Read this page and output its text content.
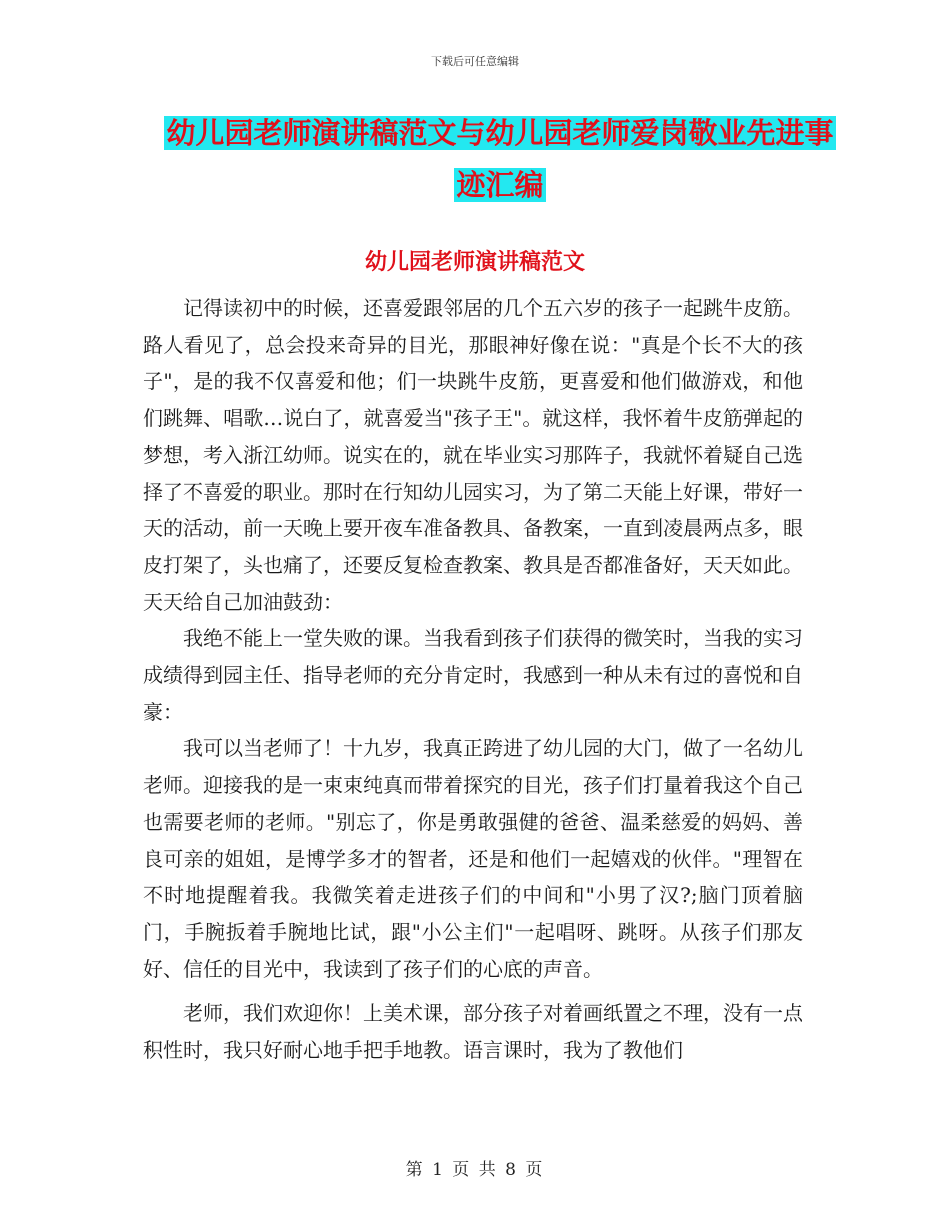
下载后可任意编辑
幼儿园老师演讲稿范文与幼儿园老师爱岗敬业先进事
迹汇编
幼儿园老师演讲稿范文

记得读初中的时候，还喜爱跟邻居的几个五六岁的孩子一起跳牛皮筋。路人看见了，总会投来奇异的目光，那眼神好像在说："真是个长不大的孩子"，是的我不仅喜爱和他；们一块跳牛皮筋，更喜爱和他们做游戏，和他们跳舞、唱歌…说白了，就喜爱当"孩子王"。就这样，我怀着牛皮筋弹起的梦想，考入浙江幼师。说实在的，就在毕业实习那阵子，我就怀着疑自己选择了不喜爱的职业。那时在行知幼儿园实习，为了第二天能上好课，带好一天的活动，前一天晚上要开夜车准备教具、备教案，一直到凌晨两点多，眼皮打架了，头也痛了，还要反复检查教案、教具是否都准备好，天天如此。天天给自己加油鼓劲：

我绝不能上一堂失败的课。当我看到孩子们获得的微笑时，当我的实习成绩得到园主任、指导老师的充分肯定时，我感到一种从未有过的喜悦和自豪：

我可以当老师了！十九岁，我真正跨进了幼儿园的大门，做了一名幼儿老师。迎接我的是一束束纯真而带着探究的目光，孩子们打量着我这个自己也需要老师的老师。"别忘了，你是勇敢强健的爸爸、温柔慈爱的妈妈、善良可亲的姐姐，是博学多才的智者，还是和他们一起嬉戏的伙伴。"理智在不时地提醒着我。我微笑着走进孩子们的中间和"小男了汉?;脑门顶着脑门，手腕扳着手腕地比试，跟"小公主们"一起唱呀、跳呀。从孩子们那友好、信任的目光中，我读到了孩子们的心底的声音。

老师，我们欢迎你！上美术课，部分孩子对着画纸置之不理，没有一点积性时，我只好耐心地手把手地教。语言课时，我为了教他们

第 1 页 共 8 页
